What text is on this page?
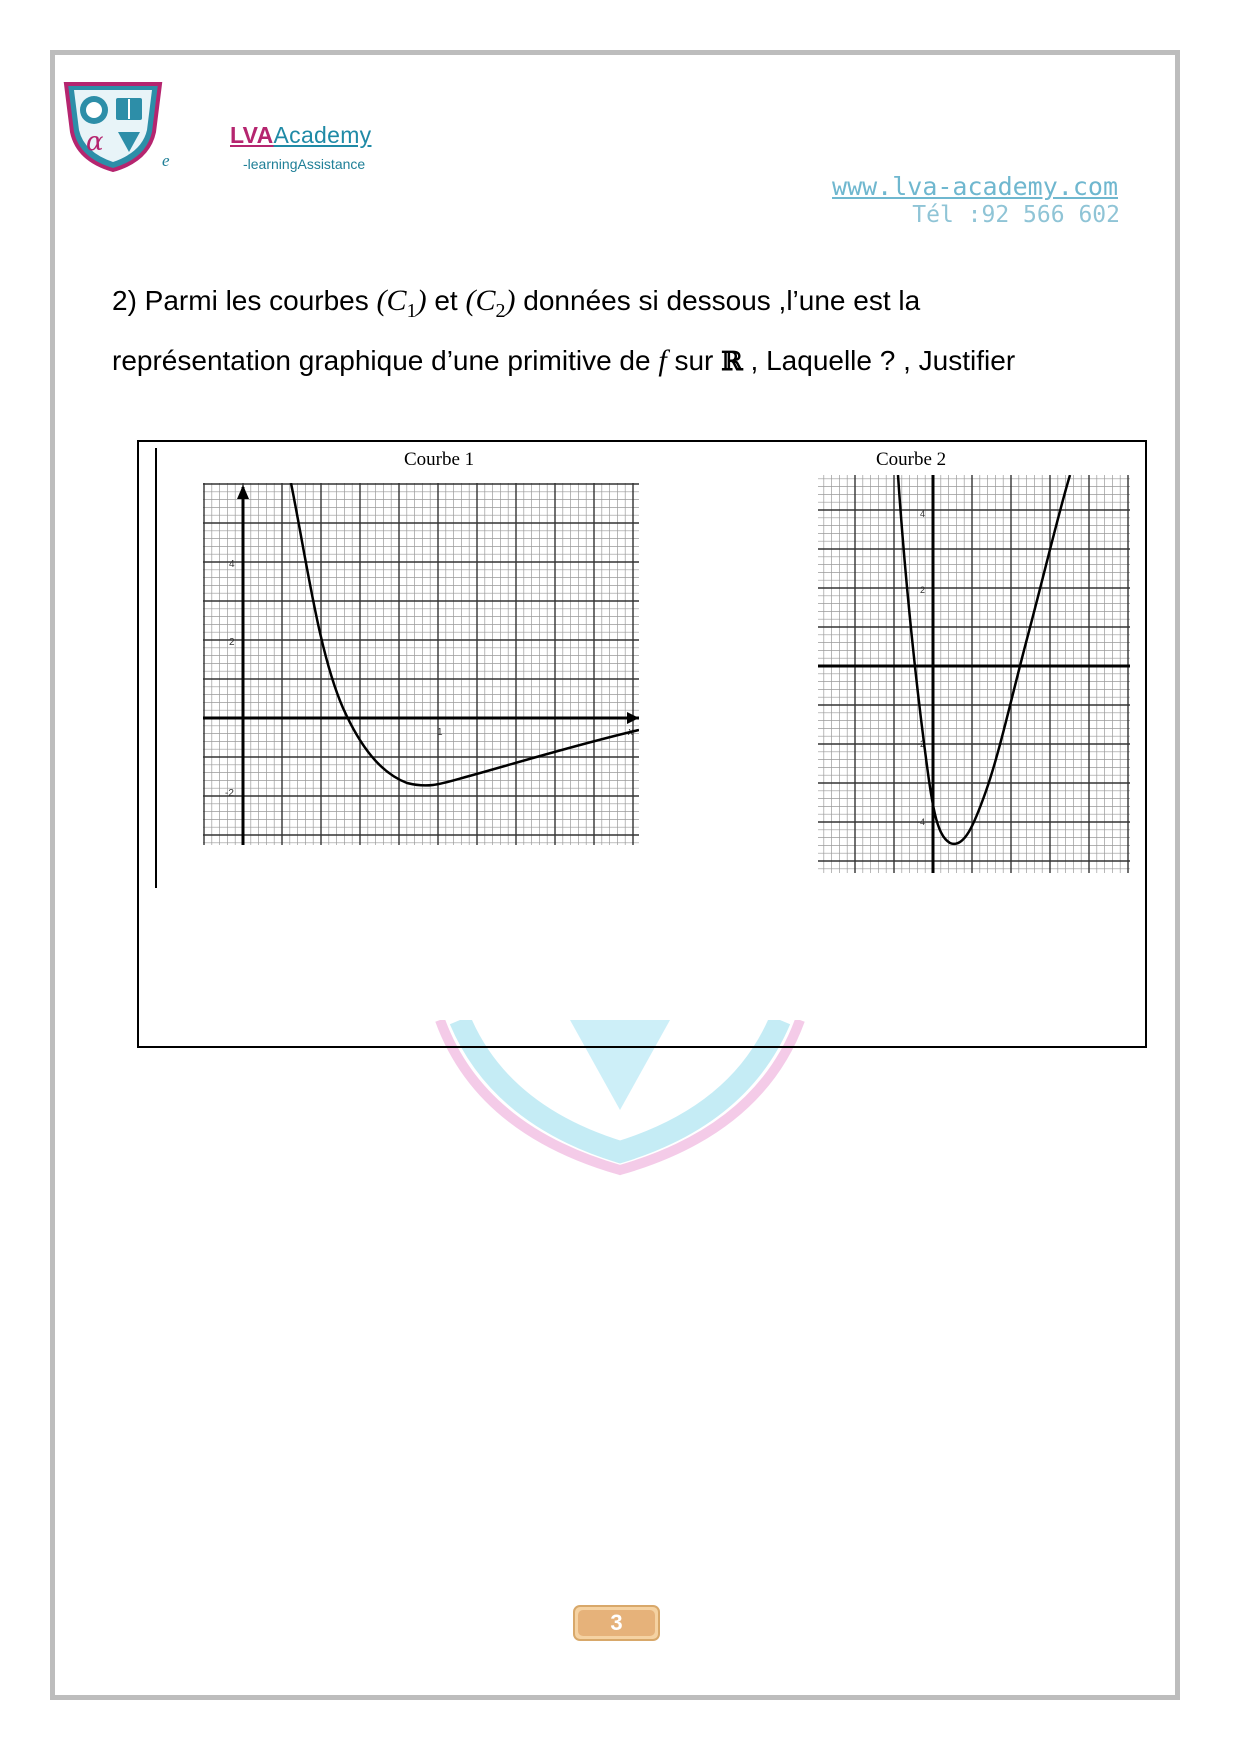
α
e
LVAAcademy
-learningAssistance
www.lva-academy.com
Tél :92 566 602
2) Parmi les courbes $(C_1)$ et $(C_2)$ données si dessous ,l’une est la
représentation graphique d’une primitive de f sur ℝ , Laquelle ? , Justifier
Courbe 1	Courbe 2
4
2
-2
1	x
4
2
-2
-4
3
